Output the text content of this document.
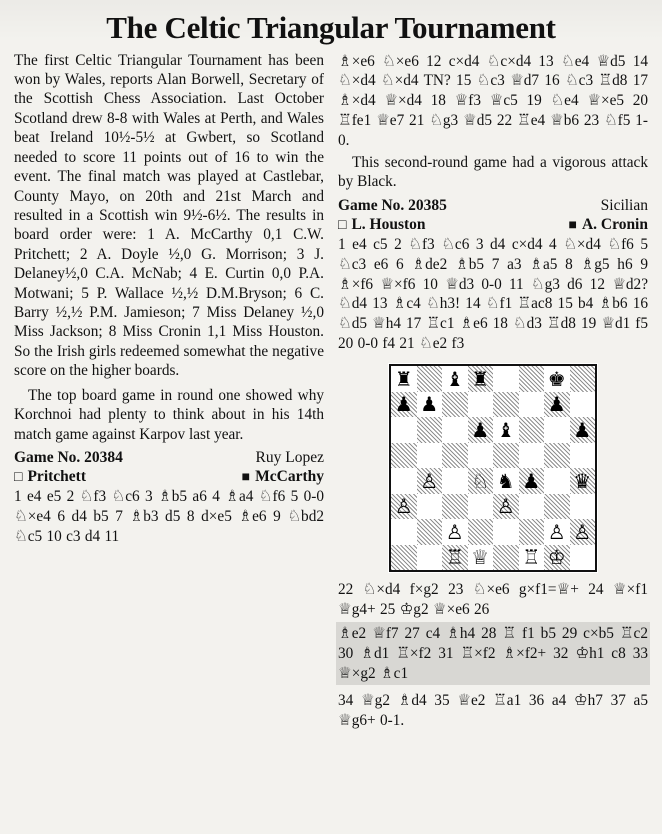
The Celtic Triangular Tournament

The first Celtic Triangular Tournament has been won by Wales, reports Alan Borwell, Secretary of the Scottish Chess Association. Last October Scotland drew 8-8 with Wales at Perth, and Wales beat Ireland 10½-5½ at Gwbert, so Scotland needed to score 11 points out of 16 to win the event. The final match was played at Castlebar, County Mayo, on 20th and 21st March and resulted in a Scottish win 9½-6½. The results in board order were: 1 A. McCarthy 0,1 C.W. Pritchett; 2 A. Doyle ½,0 G. Morrison; 3 J. Delaney½,0 C.A. McNab; 4 E. Curtin 0,0 P.A. Motwani; 5 P. Wallace ½,½ D.M.Bryson; 6 C. Barry ½,½ P.M. Jamieson; 7 Miss Delaney ½,0 Miss Jackson; 8 Miss Cronin 1,1 Miss Houston. So the Irish girls redeemed somewhat the negative score on the higher boards.

The top board game in round one showed why Korchnoi had plenty to think about in his 14th match game against Karpov last year.

Game No. 20384	Ruy Lopez
□ Pritchett	■ McCarthy
1 e4 e5 2 ♘f3 ♘c6 3 ♗b5 a6 4 ♗a4 ♘f6 5 0-0 ♘×e4 6 d4 b5 7 ♗b3 d5 8 d×e5 ♗e6 9 ♘bd2 ♘c5 10 c3 d4 11
♗×e6 ♘×e6 12 c×d4 ♘c×d4 13 ♘e4 ♕d5 14 ♘×d4 ♘×d4 TN? 15 ♘c3 ♕d7 16 ♘c3 ♖d8 17 ♗×d4 ♕×d4 18 ♕f3 ♕c5 19 ♘e4 ♕×e5 20 ♖fe1 ♕e7 21 ♘g3 ♕d5 22 ♖e4 ♕b6 23 ♘f5 1-0.

This second-round game had a vigorous attack by Black.

Game No. 20385	Sicilian
□ L. Houston	■ A. Cronin
1 e4 c5 2 ♘f3 ♘c6 3 d4 c×d4 4 ♘×d4 ♘f6 5 ♘c3 e6 6 ♗de2 ♗b5 7 a3 ♗a5 8 ♗g5 h6 9 ♗×f6 ♕×f6 10 ♕d3 0-0 11 ♘g3 d6 12 ♕d2? ♘d4 13 ♗c4 ♘h3! 14 ♘f1 ♖ac8 15 b4 ♗b6 16 ♘d5 ♕h4 17 ♖c1 ♗e6 18 ♘d3 ♖d8 19 ♕d1 f5 20 0-0 f4 21 ♘e2 f3
♜ ♝ ♜	♚
♟ ♟	♟
♟ ♝	♟
♙ ♘ ♞ ♟ ♛
♙	♙
♙	♙ ♙
♖ ♕ ♖ ♔
22 ♘×d4 f×g2 23 ♘×e6 g×f1=♕+ 24 ♕×f1 ♕g4+ 25 ♔g2 ♕×e6 26
♗e2 ♕f7 27 c4 ♗h4 28 ♖ f1 b5 29 c×b5 ♖c2 30 ♗d1 ♖×f2 31 ♖×f2 ♗×f2+ 32 ♔h1 c8 33 ♕×g2 ♗c1
34 ♕g2 ♗d4 35 ♕e2 ♖a1 36 a4 ♔h7 37 a5 ♕g6+ 0-1.
